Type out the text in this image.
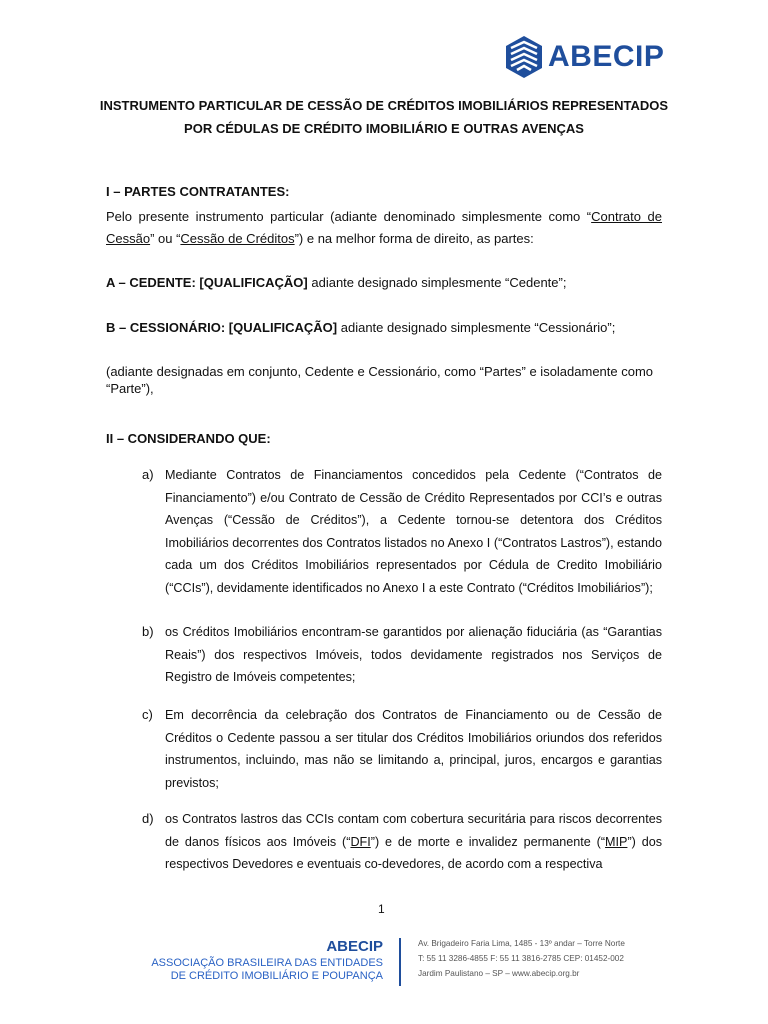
ABECIP
INSTRUMENTO PARTICULAR DE CESSÃO DE CRÉDITOS IMOBILIÁRIOS REPRESENTADOS
POR CÉDULAS DE CRÉDITO IMOBILIÁRIO E OUTRAS AVENÇAS
I – PARTES CONTRATANTES:

Pelo presente instrumento particular (adiante denominado simplesmente como “Contrato de Cessão” ou “Cessão de Créditos”) e na melhor forma de direito, as partes:

A – CEDENTE: [QUALIFICAÇÃO] adiante designado simplesmente “Cedente”;

B – CESSIONÁRIO: [QUALIFICAÇÃO] adiante designado simplesmente “Cessionário”;

(adiante designadas em conjunto, Cedente e Cessionário, como “Partes” e isoladamente como “Parte”),

II – CONSIDERANDO QUE:
a) Mediante Contratos de Financiamentos concedidos pela Cedente (“Contratos de Financiamento”) e/ou Contrato de Cessão de Crédito Representados por CCI’s e outras Avenças (“Cessão de Créditos”), a Cedente tornou-se detentora dos Créditos Imobiliários decorrentes dos Contratos listados no Anexo I (“Contratos Lastros”), estando cada um dos Créditos Imobiliários representados por Cédula de Credito Imobiliário (“CCIs”), devidamente identificados no Anexo I a este Contrato (“Créditos Imobiliários”);

b) os Créditos Imobiliários encontram-se garantidos por alienação fiduciária (as “Garantias Reais”) dos respectivos Imóveis, todos devidamente registrados nos Serviços de Registro de Imóveis competentes;

c) Em decorrência da celebração dos Contratos de Financiamento ou de Cessão de Créditos o Cedente passou a ser titular dos Créditos Imobiliários oriundos dos referidos instrumentos, incluindo, mas não se limitando a, principal, juros, encargos e garantias previstos;

d) os Contratos lastros das CCIs contam com cobertura securitária para riscos decorrentes de danos físicos aos Imóveis (“DFI”) e de morte e invalidez permanente (“MIP”) dos respectivos Devedores e eventuais co-devedores, de acordo com a respectiva

1
ABECIP
ASSOCIAÇÃO BRASILEIRA DAS ENTIDADES
DE CRÉDITO IMOBILIÁRIO E POUPANÇA
Av. Brigadeiro Faria Lima, 1485 - 13º andar – Torre Norte
T: 55 11 3286-4855 F: 55 11 3816-2785 CEP: 01452-002
Jardim Paulistano – SP – www.abecip.org.br
